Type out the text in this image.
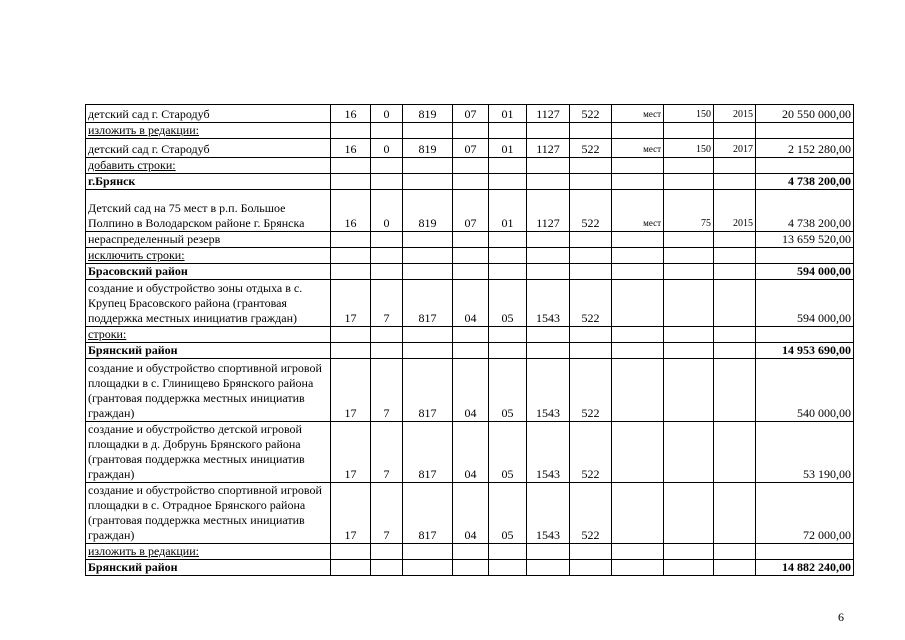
детский сад г. Стародуб	16	0	819	07	01	1127	522	мест	150	2015	20 550 000,00
изложить в редакции:											
детский сад г. Стародуб	16	0	819	07	01	1127	522	мест	150	2017	2 152 280,00
добавить строки:											
г.Брянск											4 738 200,00
Детский сад на 75 мест в р.п. Большое Полпино в Володарском районе г. Брянска	16	0	819	07	01	1127	522	мест	75	2015	4 738 200,00
нераспределенный резерв											13 659 520,00
исключить строки:											
Брасовский район											594 000,00
создание и обустройство зоны отдыха в с. Крупец Брасовского района (грантовая поддержка местных инициатив граждан)	17	7	817	04	05	1543	522				594 000,00
строки:											
Брянский район											14 953 690,00
создание и обустройство спортивной игровой площадки в с. Глинищево Брянского района (грантовая поддержка местных инициатив граждан)	17	7	817	04	05	1543	522				540 000,00
создание и обустройство детской игровой площадки в д. Добрунь Брянского района (грантовая поддержка местных инициатив граждан)	17	7	817	04	05	1543	522				53 190,00
создание и обустройство спортивной игровой площадки в с. Отрадное Брянского района (грантовая поддержка местных инициатив граждан)	17	7	817	04	05	1543	522				72 000,00
изложить в редакции:											
Брянский район											14 882 240,00
6
